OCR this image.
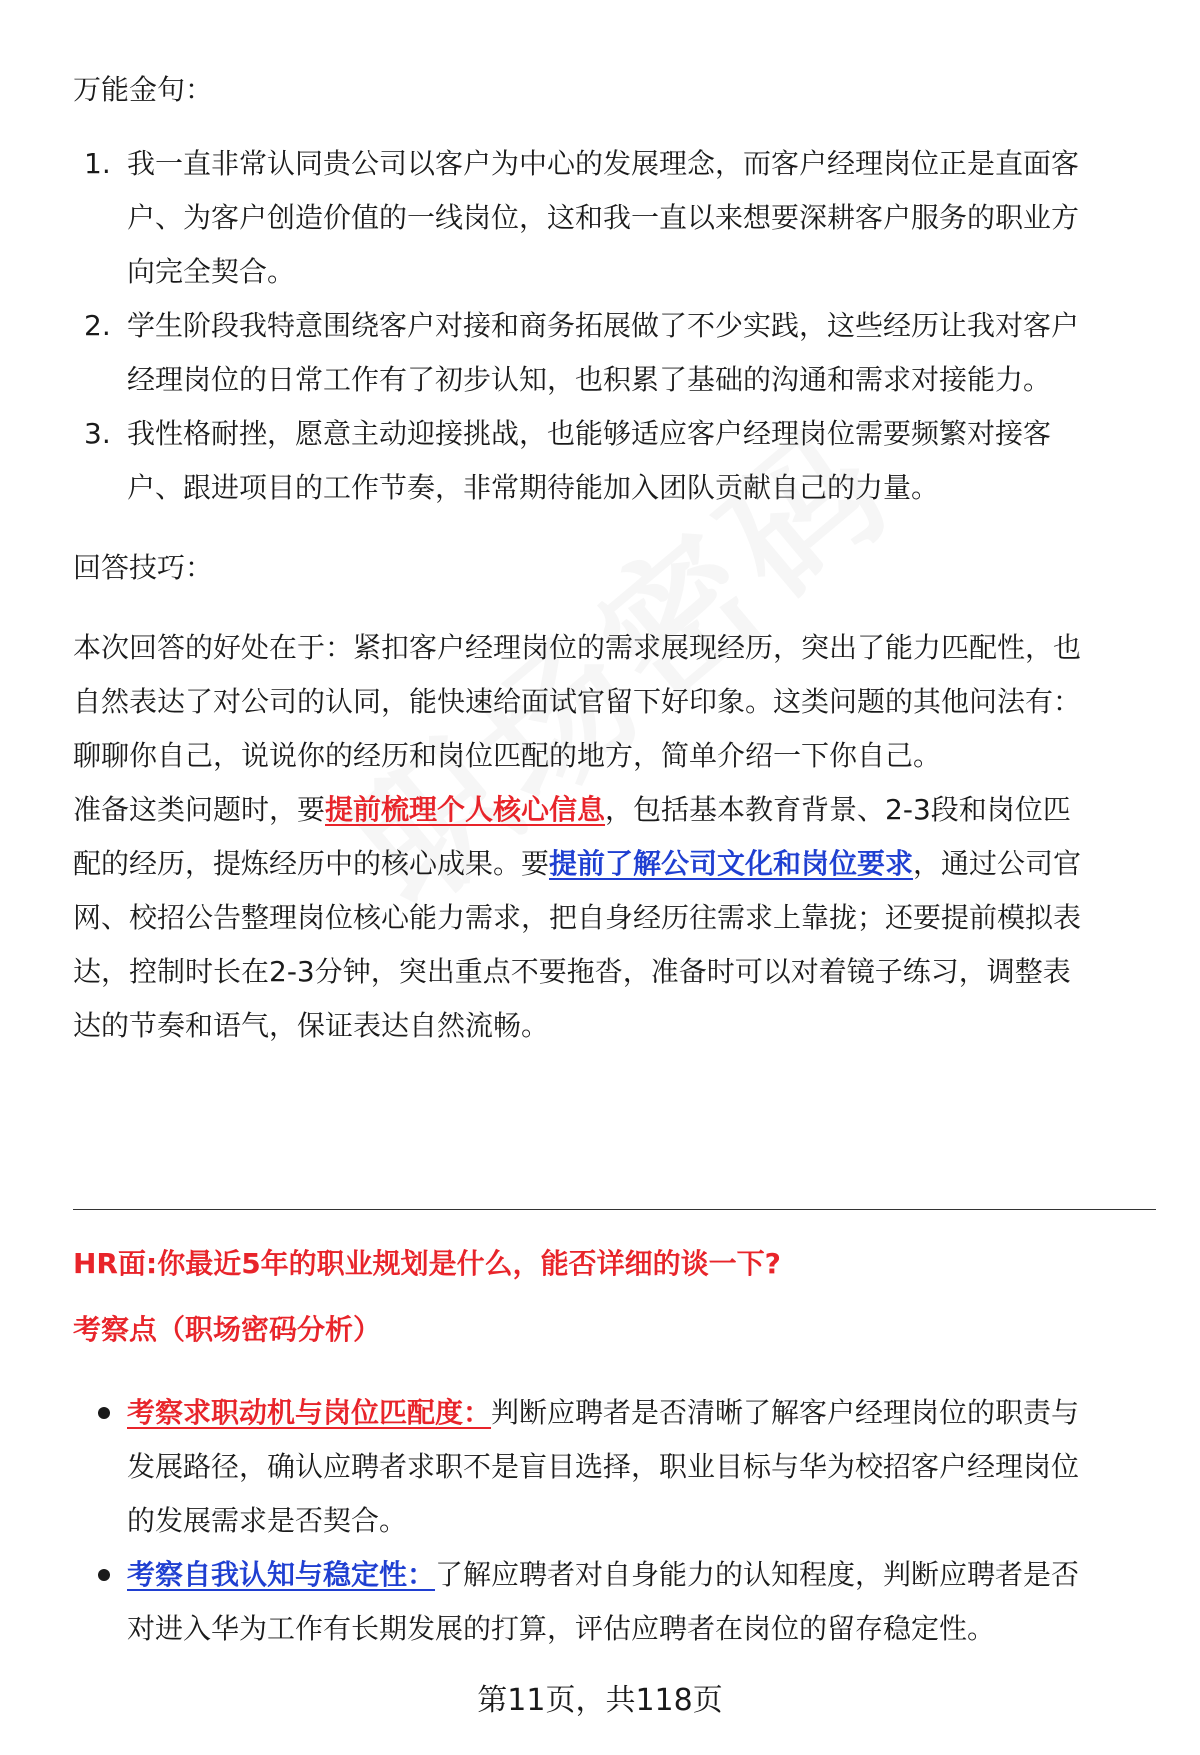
万能金句：
1. 我一直非常认同贵公司以客户为中心的发展理念，而客户经理岗位正是直面客
户、为客户创造价值的一线岗位，这和我一直以来想要深耕客户服务的职业方
向完全契合。
2. 学生阶段我特意围绕客户对接和商务拓展做了不少实践，这些经历让我对客户
经理岗位的日常工作有了初步认知，也积累了基础的沟通和需求对接能力。
3. 我性格耐挫，愿意主动迎接挑战，也能够适应客户经理岗位需要频繁对接客
户、跟进项目的工作节奏，非常期待能加入团队贡献自己的力量。
回答技巧：
本次回答的好处在于：紧扣客户经理岗位的需求展现经历，突出了能力匹配性，也
自然表达了对公司的认同，能快速给面试官留下好印象。这类问题的其他问法有：
聊聊你自己，说说你的经历和岗位匹配的地方，简单介绍一下你自己。
准备这类问题时，要提前梳理个人核心信息，包括基本教育背景、2-3段和岗位匹
配的经历，提炼经历中的核心成果。要提前了解公司文化和岗位要求，通过公司官
网、校招公告整理岗位核心能力需求，把自身经历往需求上靠拢；还要提前模拟表
达，控制时长在2-3分钟，突出重点不要拖沓，准备时可以对着镜子练习，调整表
达的节奏和语气，保证表达自然流畅。
HR面:你最近5年的职业规划是什么，能否详细的谈一下?
考察点（职场密码分析）
考察求职动机与岗位匹配度：判断应聘者是否清晰了解客户经理岗位的职责与
发展路径，确认应聘者求职不是盲目选择，职业目标与华为校招客户经理岗位
的发展需求是否契合。
考察自我认知与稳定性：了解应聘者对自身能力的认知程度，判断应聘者是否
对进入华为工作有长期发展的打算，评估应聘者在岗位的留存稳定性。
第11页，共118页
